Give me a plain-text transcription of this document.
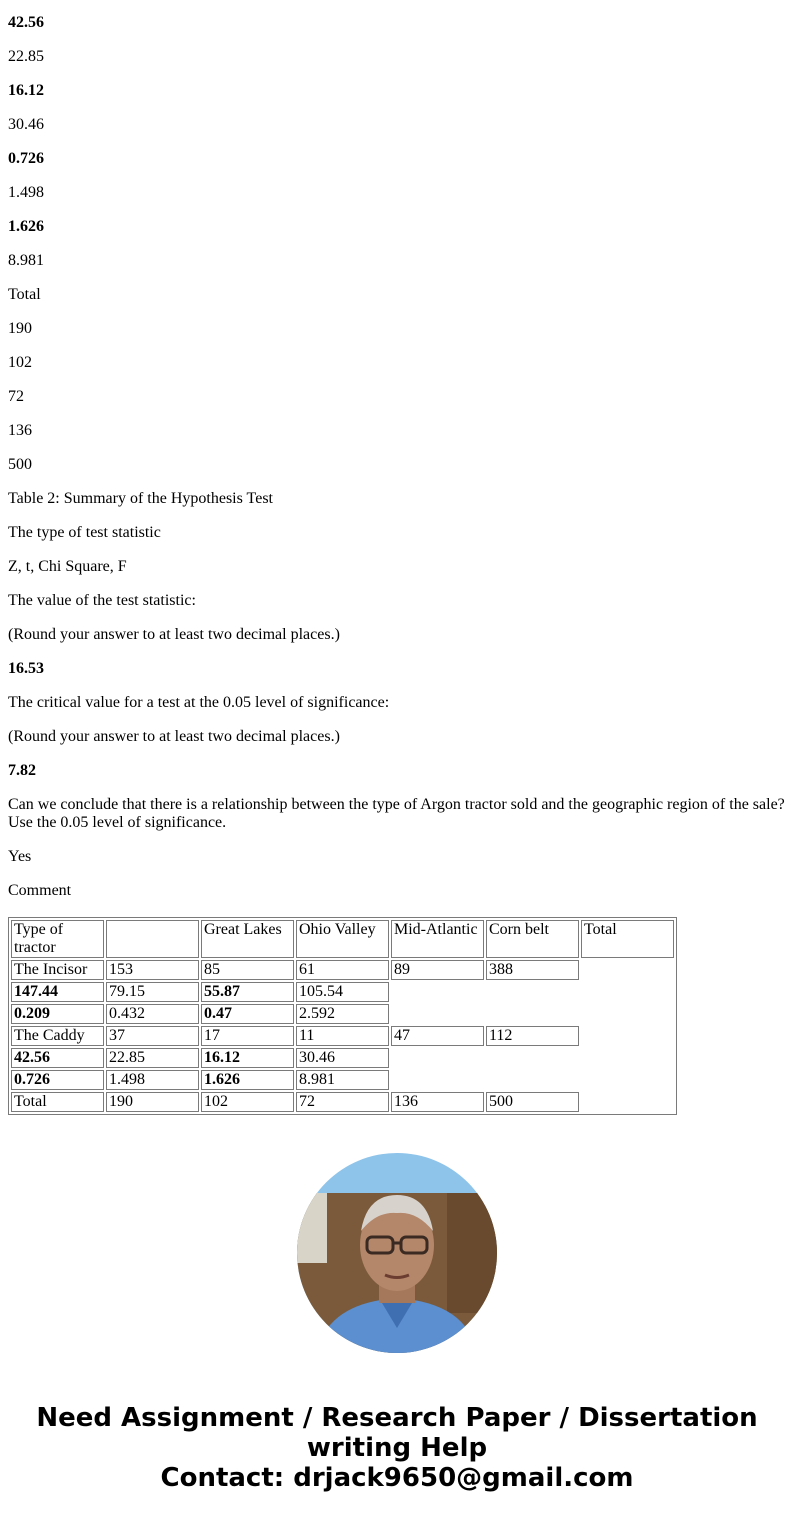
42.56
22.85
16.12
30.46
0.726
1.498
1.626
8.981
Total
190
102
72
136
500
Table 2: Summary of the Hypothesis Test
The type of test statistic
Z, t, Chi Square, F
The value of the test statistic:
(Round your answer to at least two decimal places.)
16.53
The critical value for a test at the 0.05 level of significance:
(Round your answer to at least two decimal places.)
7.82
Can we conclude that there is a relationship between the type of Argon tractor sold and the geographic region of the sale? Use the 0.05 level of significance.
Yes
Comment
Type of tractor		Great Lakes	Ohio Valley	Mid-Atlantic	Corn belt	Total
The Incisor	153	85	61	89	388	
147.44	79.15	55.87	105.54			
0.209	0.432	0.47	2.592			
The Caddy	37	17	11	47	112	
42.56	22.85	16.12	30.46			
0.726	1.498	1.626	8.981			
Total	190	102	72	136	500	
Need Assignment / Research Paper / Dissertation
writing Help
Contact: drjack9650@gmail.com
